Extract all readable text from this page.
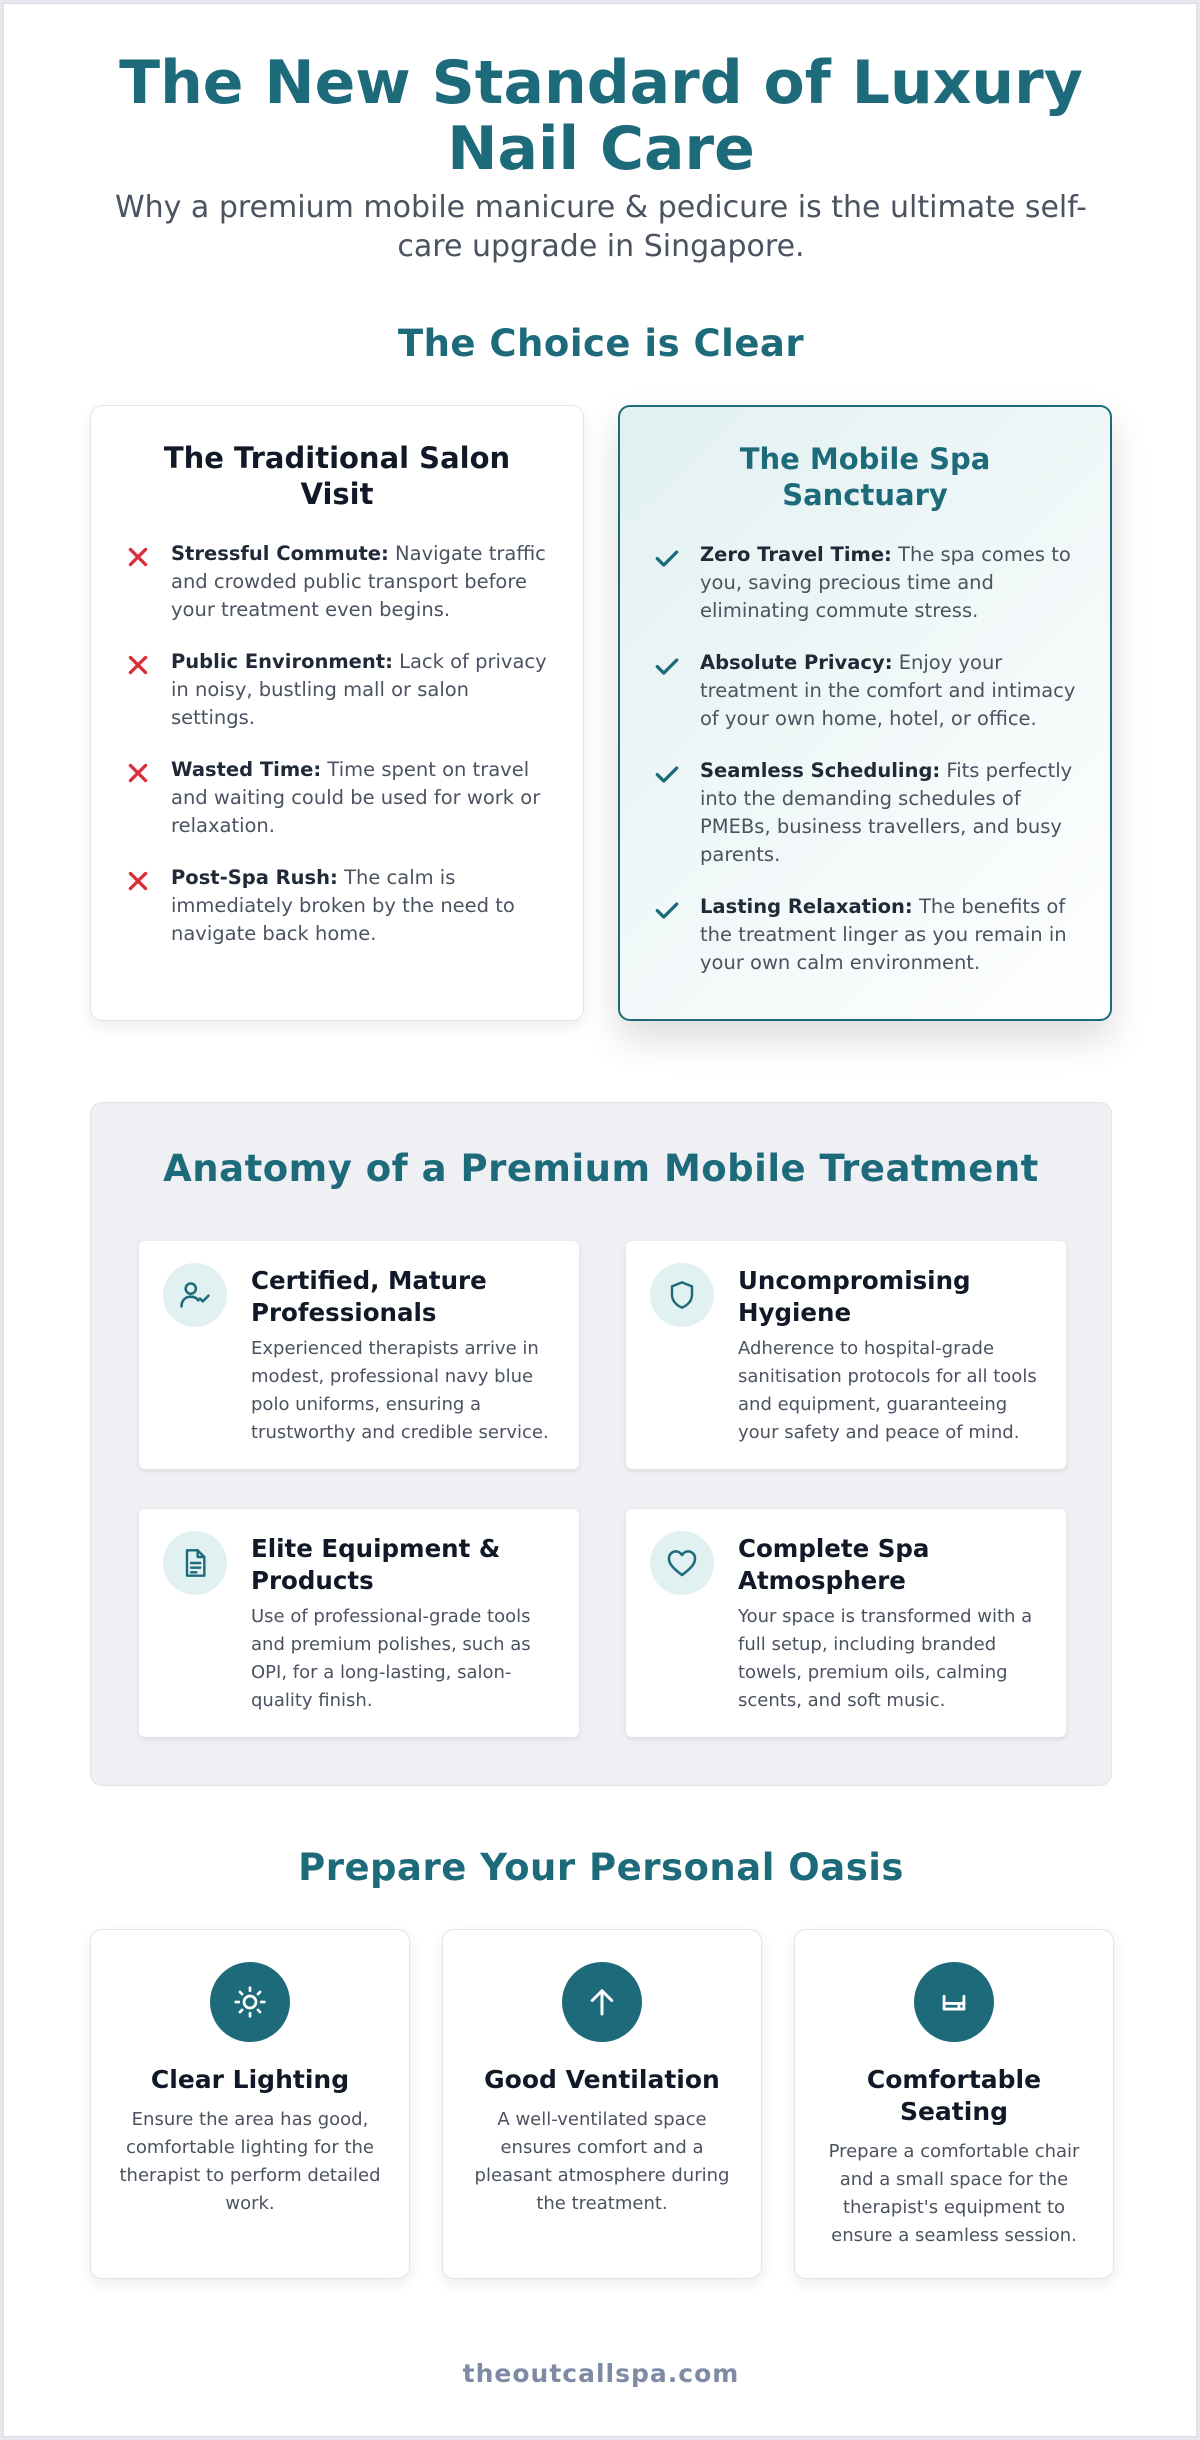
The New Standard of Luxury Nail Care

Why a premium mobile manicure & pedicure is the ultimate self-care upgrade in Singapore.

The Choice is Clear
The Traditional Salon Visit

Stressful Commute: Navigate traffic and crowded public transport before your treatment even begins.

Public Environment: Lack of privacy in noisy, bustling mall or salon settings.

Wasted Time: Time spent on travel and waiting could be used for work or relaxation.

Post-Spa Rush: The calm is immediately broken by the need to navigate back home.

The Mobile Spa Sanctuary

Zero Travel Time: The spa comes to you, saving precious time and eliminating commute stress.

Absolute Privacy: Enjoy your treatment in the comfort and intimacy of your own home, hotel, or office.

Seamless Scheduling: Fits perfectly into the demanding schedules of PMEBs, business travellers, and busy parents.

Lasting Relaxation: The benefits of the treatment linger as you remain in your own calm environment.

Anatomy of a Premium Mobile Treatment
Certified, Mature Professionals

Experienced therapists arrive in modest, professional navy blue polo uniforms, ensuring a trustworthy and credible service.

Uncompromising Hygiene

Adherence to hospital-grade sanitisation protocols for all tools and equipment, guaranteeing your safety and peace of mind.

Elite Equipment & Products

Use of professional-grade tools and premium polishes, such as OPI, for a long-lasting, salon-quality finish.

Complete Spa Atmosphere

Your space is transformed with a full setup, including branded towels, premium oils, calming scents, and soft music.

Prepare Your Personal Oasis
Clear Lighting

Ensure the area has good, comfortable lighting for the therapist to perform detailed work.

Good Ventilation

A well-ventilated space ensures comfort and a pleasant atmosphere during the treatment.

Comfortable Seating

Prepare a comfortable chair and a small space for the therapist's equipment to ensure a seamless session.

theoutcallspa.com
